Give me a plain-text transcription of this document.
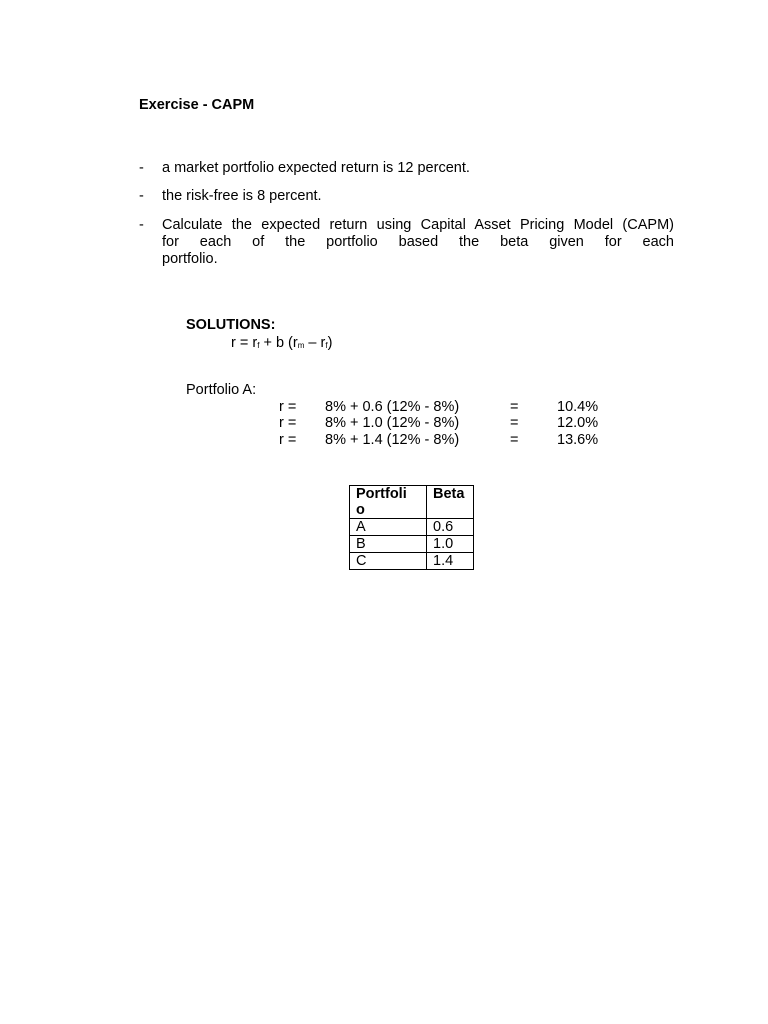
Exercise - CAPM
- a market portfolio expected return is 12 percent.
- the risk-free is 8 percent.
- Calculate the expected return using Capital Asset Pricing Model (CAPM)
for each of the portfolio based the beta given for each
portfolio.
SOLUTIONS:
$r = r_f + b$ $(r_m - r_f)$
Portfolio A:
r = 8% + 0.6 (12% - 8%)	=	10.4%
r = 8% + 1.0 (12% - 8%)	=	12.0%
r = 8% + 1.4 (12% - 8%)	=	13.6%
Portfoli
o	Beta
A	0.6
B	1.0
C	1.4
